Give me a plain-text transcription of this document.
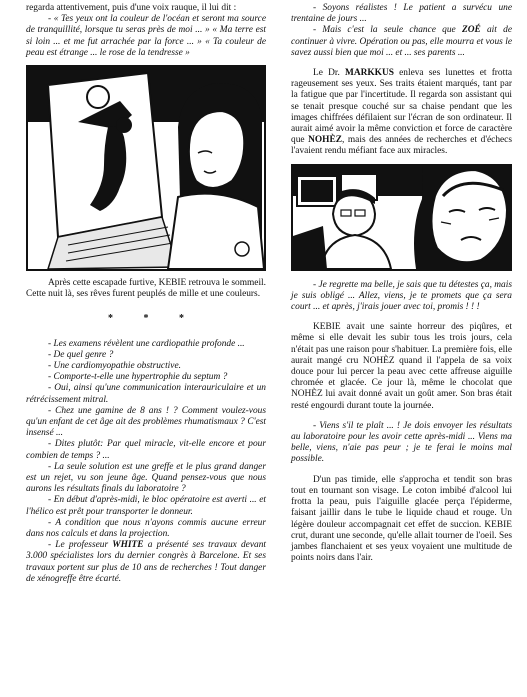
regarda attentivement, puis d'une voix rauque, il lui dit :

- « Tes yeux ont la couleur de l'océan et seront ma source de tranquillité, lorsque tu seras près de moi ... » « Ma terre est si loin ... et me fut arrachée par la force ... » « Ta couleur de peau est étrange ... le rose de la tendresse »

Après cette escapade furtive, KEBIE retrouva le sommeil. Cette nuit là, ses rêves furent peuplés de mille et une couleurs.

* * *

- Les examens révèlent une cardiopathie profonde ...

- De quel genre ?

- Une cardiomyopathie obstructive.

- Comporte-t-elle une hypertrophie du septum ?

- Oui, ainsi qu'une communication interauriculaire et un rétrécissement mitral.

- Chez une gamine de 8 ans ! ? Comment voulez-vous qu'un enfant de cet âge ait des problèmes rhumatismaux ? C'est insensé ...

- Dites plutôt: Par quel miracle, vit-elle encore et pour combien de temps ? ...

- La seule solution est une greffe et le plus grand danger est un rejet, vu son jeune âge. Quand pensez-vous que nous aurons les résultats finals du laboratoire ?

- En début d'après-midi, le bloc opératoire est averti ... et l'hélico est prêt pour transporter le donneur.

- A condition que nous n'ayons commis aucune erreur dans nos calculs et dans la projection.

- Le professeur WHITE a présenté ses travaux devant 3.000 spécialistes lors du dernier congrès à Barcelone. Et ses travaux portent sur plus de 10 ans de recherches ! Tout danger de xénogreffe être écarté.

- Soyons réalistes ! Le patient a survécu une trentaine de jours ...

- Mais c'est la seule chance que ZOÉ ait de continuer à vivre. Opération ou pas, elle mourra et vous le savez aussi bien que moi ... et ... ses parents ...

Le Dr. MARKKUS enleva ses lunettes et frotta rageusement ses yeux. Ses traits étaient marqués, tant par la fatigue que par l'incertitude. Il regarda son assistant qui se tenait presque couché sur sa chaise pendant que les images chiffrées défilaient sur l'écran de son ordinateur. Il aurait aimé avoir la même conviction et force de caractère que NOHÈZ, mais des années de recherches et d'échecs l'avaient rendu méfiant face aux miracles.

- Je regrette ma belle, je sais que tu détestes ça, mais je suis obligé ... Allez, viens, je te promets que ça sera court ... et après, j'irais jouer avec toi, promis ! ! !

KEBIE avait une sainte horreur des piqûres, et même si elle devait les subir tous les trois jours, cela n'était pas une raison pour s'habituer. La première fois, elle aurait mangé cru NOHÈZ quand il l'appela de sa voix douce pour lui percer la peau avec cette affreuse aiguille chromée et glacée. Ce jour là, même le chocolat que NOHÈZ lui avait donné avait un goût amer. Son bras était resté engourdi durant toute la journée.

- Viens s'il te plaît ... ! Je dois envoyer les résultats au laboratoire pour les avoir cette après-midi ... Viens ma belle, viens, n'aie pas peur ; je te ferai le moins mal possible.

D'un pas timide, elle s'approcha et tendit son bras tout en tournant son visage. Le coton imbibé d'alcool lui frotta la peau, puis l'aiguille glacée perça l'épiderme, faisant jaillir dans le tube le liquide chaud et rouge. Un légère douleur accompagnait cet effet de succion. KEBIE crut, durant une seconde, qu'elle allait tourner de l'oeil. Ses jambes flanchaient et ses yeux voyaient une multitude de points noirs dans l'air.
